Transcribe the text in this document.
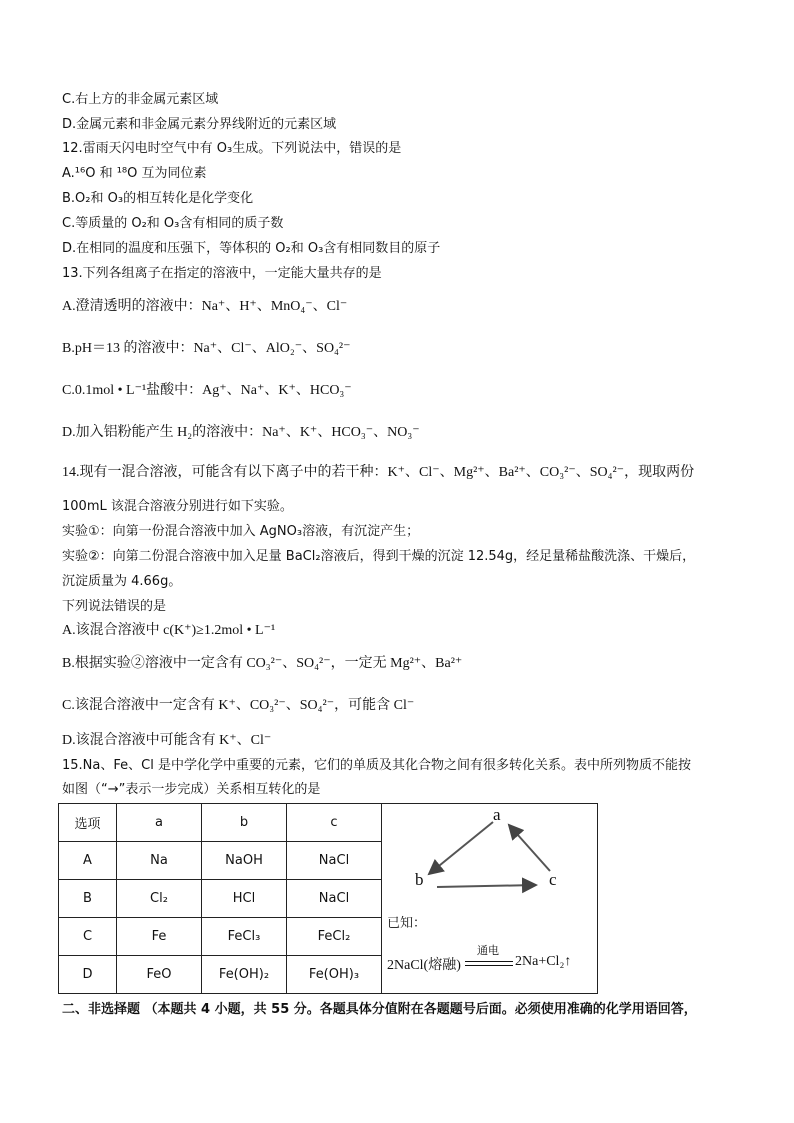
C.右上方的非金属元素区域
D.金属元素和非金属元素分界线附近的元素区域
12.雷雨天闪电时空气中有 O₃生成。下列说法中，错误的是
A.¹⁶O 和 ¹⁸O 互为同位素
B.O₂和 O₃的相互转化是化学变化
C.等质量的 O₂和 O₃含有相同的质子数
D.在相同的温度和压强下，等体积的 O₂和 O₃含有相同数目的原子
13.下列各组离子在指定的溶液中，一定能大量共存的是
A.澄清透明的溶液中：Na⁺、H⁺、MnO₄⁻、Cl⁻
B.pH＝13 的溶液中：Na⁺、Cl⁻、AlO₂⁻、SO₄²⁻
C.0.1mol • L⁻¹盐酸中：Ag⁺、Na⁺、K⁺、HCO₃⁻
D.加入铝粉能产生 H₂的溶液中：Na⁺、K⁺、HCO₃⁻、NO₃⁻
14.现有一混合溶液，可能含有以下离子中的若干种：K⁺、Cl⁻、Mg²⁺、Ba²⁺、CO₃²⁻、SO₄²⁻，现取两份
100mL 该混合溶液分别进行如下实验。
实验①：向第一份混合溶液中加入 AgNO₃溶液，有沉淀产生；
实验②：向第二份混合溶液中加入足量 BaCl₂溶液后，得到干燥的沉淀 12.54g，经足量稀盐酸洗涤、干燥后，
沉淀质量为 4.66g。
下列说法错误的是
A.该混合溶液中 c(K⁺)≥1.2mol • L⁻¹
B.根据实验②溶液中一定含有 CO₃²⁻、SO₄²⁻，一定无 Mg²⁺、Ba²⁺
C.该混合溶液中一定含有 K⁺、CO₃²⁻、SO₄²⁻，可能含 Cl⁻
D.该混合溶液中可能含有 K⁺、Cl⁻
15.Na、Fe、Cl 是中学化学中重要的元素，它们的单质及其化合物之间有很多转化关系。表中所列物质不能按
如图（“→”表示一步完成）关系相互转化的是
选项	a	b	c
A	Na	NaOH	NaCl
B	Cl₂	HCl	NaCl
C	Fe	FeCl₃	FeCl₂
D	FeO	Fe(OH)₂	Fe(OH)₃
a
b	c
已知：
通电
2NaCl(熔融)	2Na+Cl₂↑
二、非选择题 （本题共 4 小题，共 55 分。各题具体分值附在各题题号后面。必须使用准确的化学用语回答，
